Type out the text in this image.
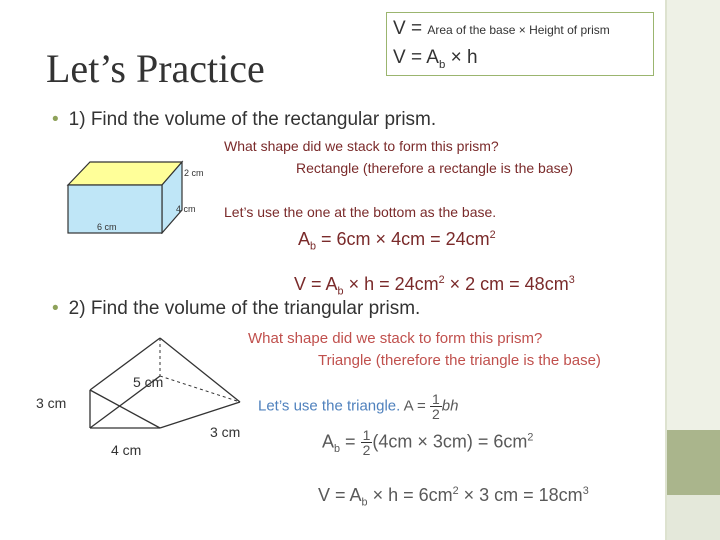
Let’s Practice
V = Area of the base × Height of prism
$V = A_b \times h$
• 1) Find the volume of the rectangular prism.
2 cm
4 cm
6 cm
What shape did we stack to form this prism?
Rectangle (therefore a rectangle is the base)
Let’s use the one at the bottom as the base.
$A_b = 6cm \times 4cm = 24cm^2$
$V = A_b \times h = 24cm^2 \times 2$ cm = $48cm^3$
• 2) Find the volume of the triangular prism.
5 cm
3 cm
4 cm
3 cm
What shape did we stack to form this prism?
Triangle (therefore the triangle is the base)
Let’s use the triangle. $A = \frac{1}{2}$ bh
$A_b = \frac{1}{2} (4cm \times 3cm) = 6cm^2$
$V = A_b \times h = 6cm^2 \times 3$ cm = $18cm^3$
